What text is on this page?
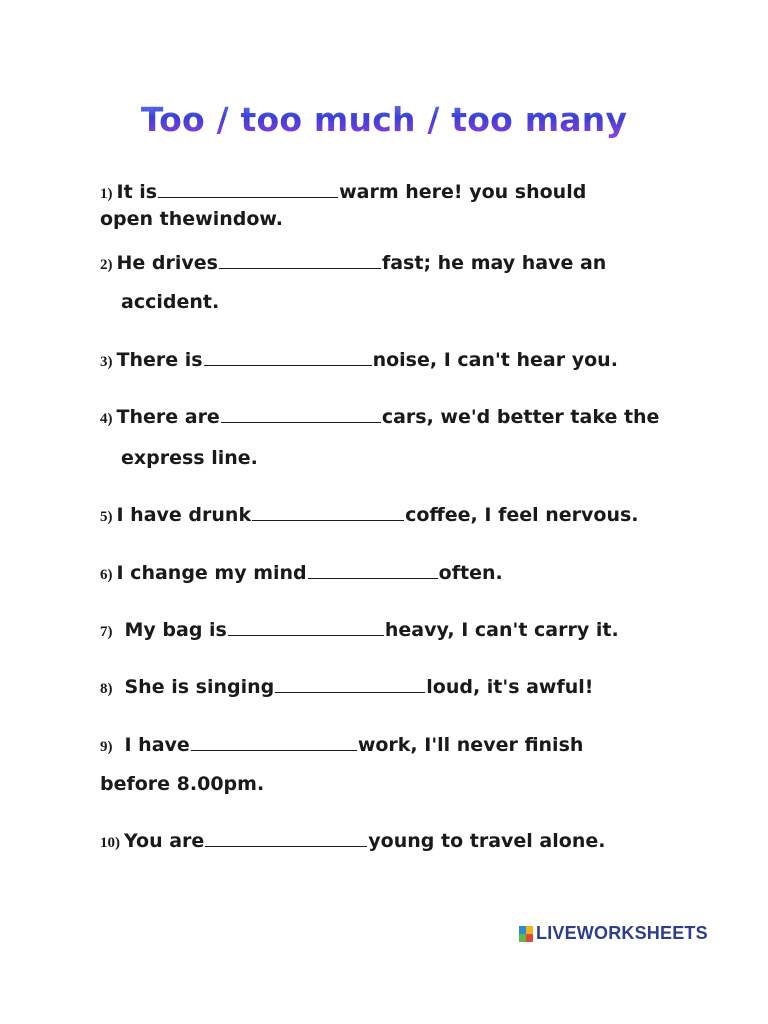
Too / too much / too many
1) It is	warm here! you should
open thewindow.
2) He drives	fast; he may have an
accident.
3) There is	noise, I can't hear you.
4) There are	cars, we'd better take the
express line.
5) I have drunk	coffee, I feel nervous.
6) I change my mind	often.
7) My bag is	heavy, I can't carry it.
8) She is singing	loud, it's awful!
9) I have	work, I'll never finish
before 8.00pm.
10) You are	young to travel alone.
LIVEWORKSHEETS
